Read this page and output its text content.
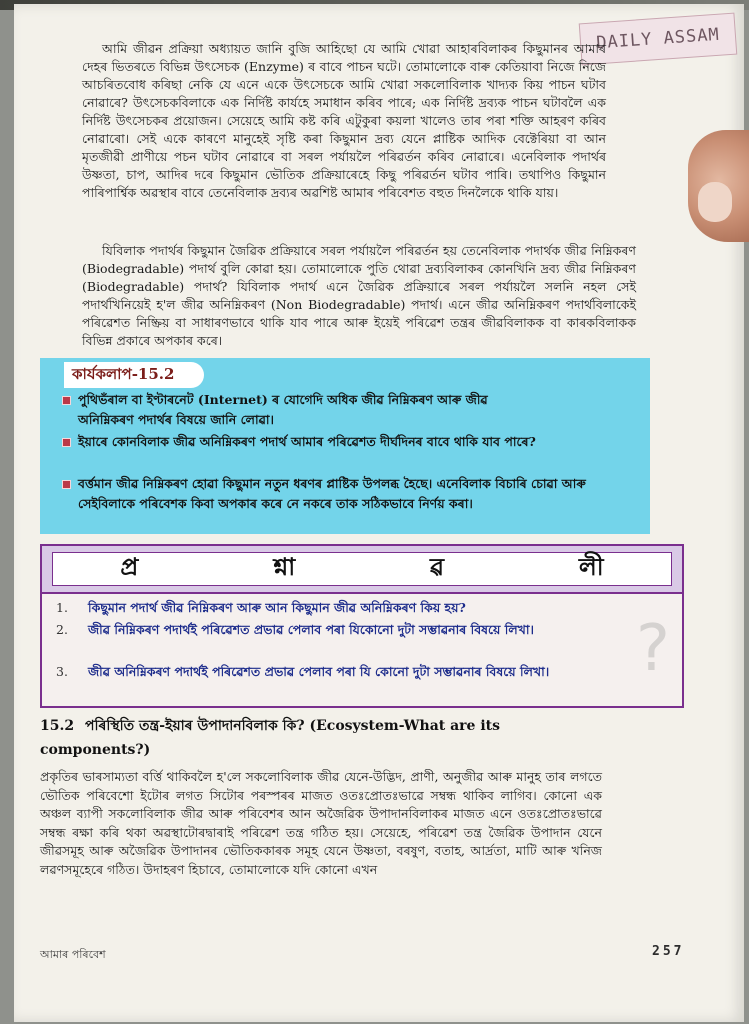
DAILY ASSAM

আমি জীৱন প্ৰক্ৰিয়া অধ্যায়ত জানি বুজি আহিছো যে আমি খোৱা আহাৰবিলাকৰ কিছুমানৰ আমাৰ দেহৰ ভিতৰতে বিভিন্ন উৎসেচক (Enzyme) ৰ বাবে পাচন ঘটে। তোমালোকে বাৰু কেতিয়াবা নিজে নিজে আচৰিতবোধ কৰিছা নেকি যে এনে একে উৎসেচকে আমি খোৱা সকলোবিলাক খাদ্যক কিয় পাচন ঘটাব নোৱাৰে? উৎসেচকবিলাকে এক নিৰ্দিষ্ট কাৰ্যহে সমাধান কৰিব পাৰে; এক নিৰ্দিষ্ট দ্ৰব্যক পাচন ঘটাবলৈ এক নিৰ্দিষ্ট উৎসেচকৰ প্ৰয়োজন। সেয়েহে আমি কষ্ট কৰি এটুকুৰা কয়লা খালেও তাৰ পৰা শক্তি আহৰণ কৰিব নোৱাৰো। সেই একে কাৰণে মানুহেই সৃষ্টি কৰা কিছুমান দ্ৰব্য যেনে প্লাষ্টিক আদিক বেক্টেৰিয়া বা আন মৃতজীৱী প্ৰাণীয়ে পচন ঘটাব নোৱাৰে বা সৰল পৰ্যায়লৈ পৰিৱৰ্তন কৰিব নোৱাৰে। এনেবিলাক পদাৰ্থৰ উষ্ণতা, চাপ, আদিৰ দৰে কিছুমান ভৌতিক প্ৰক্ৰিয়াৰেহে কিছু পৰিৱৰ্তন ঘটাব পাৰি। তথাপিও কিছুমান পাৰিপাৰ্শ্বিক অৱস্থাৰ বাবে তেনেবিলাক দ্ৰব্যৰ অৱশিষ্ট আমাৰ পৰিবেশত বহুত দিনলৈকে থাকি যায়।

যিবিলাক পদাৰ্থৰ কিছুমান জৈৱিক প্ৰক্ৰিয়াৰে সৰল পৰ্যায়লৈ পৰিৱৰ্তন হয় তেনেবিলাক পদাৰ্থক জীৱ নিম্নিকৰণ (Biodegradable) পদাৰ্থ বুলি কোৱা হয়। তোমালোকে পুতি থোৱা দ্ৰব্যবিলাকৰ কোনখিনি দ্ৰব্য জীৱ নিম্নিকৰণ (Biodegradable) পদাৰ্থ? যিবিলাক পদাৰ্থ এনে জৈৱিক প্ৰক্ৰিয়াৰে সৰল পৰ্যায়লৈ সলনি নহল সেই পদাৰ্থখিনিয়েই হ'ল জীৱ অনিম্নিকৰণ (Non Biodegradable) পদাৰ্থ। এনে জীৱ অনিম্নিকৰণ পদাৰ্থবিলাকেই পৰিৱেশত নিষ্ক্ৰিয় বা সাধাৰণভাবে থাকি যাব পাৰে আৰু ইয়েই পৰিৱেশ তন্ত্ৰৰ জীৱবিলাকক বা কাৰকবিলাকক বিভিন্ন প্ৰকাৰে অপকাৰ কৰে।

কাৰ্যকলাপ-15.2
পুথিভঁৰাল বা ইণ্টাৰনেট (Internet) ৰ যোগেদি অধিক জীৱ নিম্নিকৰণ আৰু জীৱ অনিম্নিকৰণ পদাৰ্থৰ বিষয়ে জানি লোৱা।
ইয়াৰে কোনবিলাক জীৱ অনিম্নিকৰণ পদাৰ্থ আমাৰ পৰিৱেশত দীৰ্ঘদিনৰ বাবে থাকি যাব পাৰে?
বৰ্ত্তমান জীৱ নিম্নিকৰণ হোৱা কিছুমান নতুন ধৰণৰ প্লাষ্টিক উপলব্ধ হৈছে। এনেবিলাক বিচাৰি চোৱা আৰু সেইবিলাকে পৰিবেশক কিবা অপকাৰ কৰে নে নকৰে তাক সঠিকভাবে নিৰ্ণয় কৰা।
প্ৰ	শ্না	ৱ	লী
1.	কিছুমান পদাৰ্থ জীৱ নিম্নিকৰণ আৰু আন কিছুমান জীৱ অনিম্নিকৰণ কিয় হয়?
2.	জীৱ নিম্নিকৰণ পদাৰ্থই পৰিৱেশত প্ৰভাৱ পেলাব পৰা যিকোনো দুটা সম্ভাৱনাৰ বিষয়ে লিখা।
3.	জীৱ অনিম্নিকৰণ পদাৰ্থই পৰিৱেশত প্ৰভাৱ পেলাব পৰা যি কোনো দুটা সম্ভাৱনাৰ বিষয়ে লিখা।	?
15.2 পৰিস্থিতি তন্ত্ৰ-ইয়াৰ উপাদানবিলাক কি? (Ecosystem-What are its components?)

প্ৰকৃতিৰ ভাৰসাম্যতা বৰ্ত্তি থাকিবলৈ হ'লে সকলোবিলাক জীৱ যেনে-উদ্ভিদ, প্ৰাণী, অনুজীৱ আৰু মানুহ তাৰ লগতে ভৌতিক পৰিবেশো ইটোৰ লগত সিটোৰ পৰস্পৰৰ মাজত ওতঃপ্ৰোতঃভাৱে সম্বন্ধ থাকিব লাগিব। কোনো এক অঞ্চল ব্যাপী সকলোবিলাক জীৱ আৰু পৰিবেশৰ আন অজৈৱিক উপাদানবিলাকৰ মাজত এনে ওতঃপ্ৰোতঃভাৱে সম্বন্ধ ৰক্ষা কৰি থকা অৱস্থাটোৰদ্বাৰাই পৰিৱেশ তন্ত্ৰ গঠিত হয়। সেয়েহে, পৰিৱেশ তন্ত্ৰ জৈৱিক উপাদান যেনে জীৱসমূহ আৰু অজৈৱিক উপাদানৰ ভৌতিককাৰক সমূহ যেনে উষ্ণতা, বৰষুণ, বতাহ, আৰ্দ্ৰতা, মাটি আৰু খনিজ লৱণসমূহেৰে গঠিত। উদাহৰণ হিচাবে, তোমালোকে যদি কোনো এখন

আমাৰ পৰিবেশ	257
